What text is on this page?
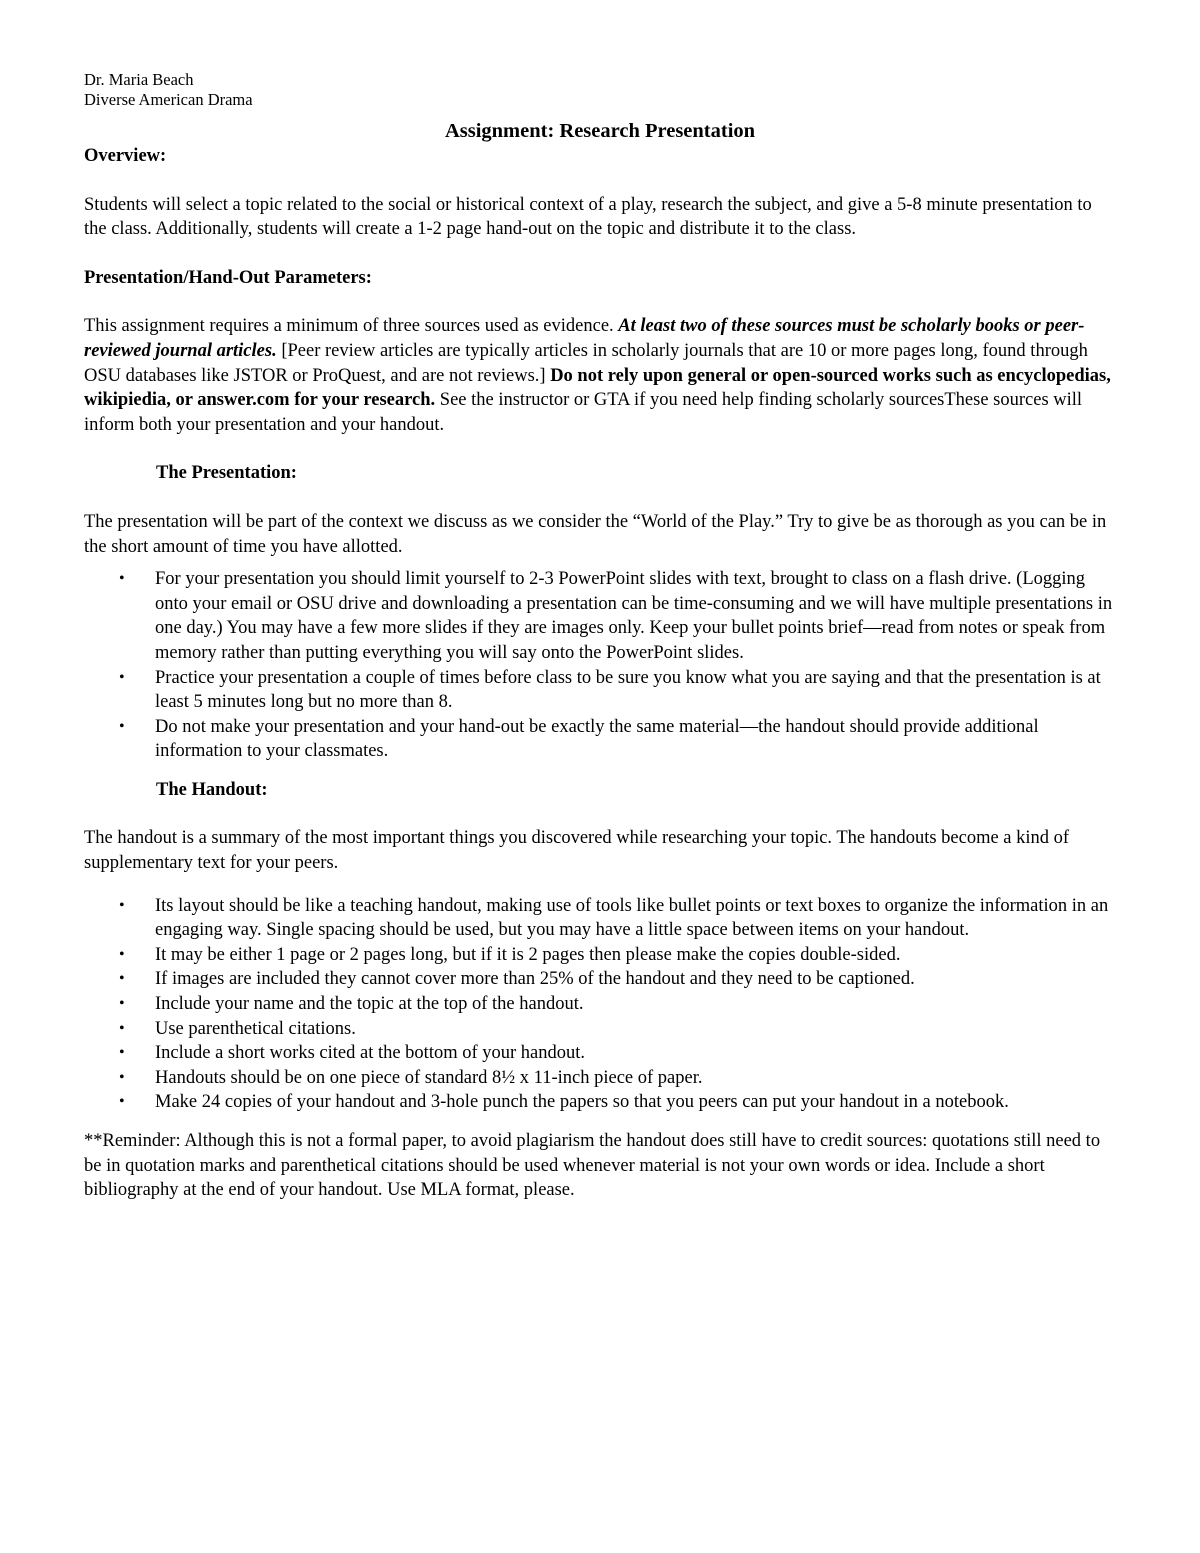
Dr. Maria Beach
Diverse American Drama
Assignment: Research Presentation

Overview:

Students will select a topic related to the social or historical context of a play, research the subject, and give a 5-8 minute presentation to the class. Additionally, students will create a 1-2 page hand-out on the topic and distribute it to the class.

Presentation/Hand-Out Parameters:

This assignment requires a minimum of three sources used as evidence. At least two of these sources must be scholarly books or peer-reviewed journal articles. [Peer review articles are typically articles in scholarly journals that are 10 or more pages long, found through OSU databases like JSTOR or ProQuest, and are not reviews.] Do not rely upon general or open-sourced works such as encyclopedias, wikipiedia, or answer.com for your research. See the instructor or GTA if you need help finding scholarly sourcesThese sources will inform both your presentation and your handout.

The Presentation:

The presentation will be part of the context we discuss as we consider the “World of the Play.” Try to give be as thorough as you can be in the short amount of time you have allotted.

• For your presentation you should limit yourself to 2-3 PowerPoint slides with text, brought to class on a flash drive. (Logging onto your email or OSU drive and downloading a presentation can be time-consuming and we will have multiple presentations in one day.) You may have a few more slides if they are images only. Keep your bullet points brief—read from notes or speak from memory rather than putting everything you will say onto the PowerPoint slides.
• Practice your presentation a couple of times before class to be sure you know what you are saying and that the presentation is at least 5 minutes long but no more than 8.
• Do not make your presentation and your hand-out be exactly the same material—the handout should provide additional information to your classmates.

The Handout:

The handout is a summary of the most important things you discovered while researching your topic. The handouts become a kind of supplementary text for your peers.

• Its layout should be like a teaching handout, making use of tools like bullet points or text boxes to organize the information in an engaging way. Single spacing should be used, but you may have a little space between items on your handout.
• It may be either 1 page or 2 pages long, but if it is 2 pages then please make the copies double-sided.
• If images are included they cannot cover more than 25% of the handout and they need to be captioned.
• Include your name and the topic at the top of the handout.
• Use parenthetical citations.
• Include a short works cited at the bottom of your handout.
• Handouts should be on one piece of standard 8½ x 11-inch piece of paper.
• Make 24 copies of your handout and 3-hole punch the papers so that you peers can put your handout in a notebook.

**Reminder: Although this is not a formal paper, to avoid plagiarism the handout does still have to credit sources: quotations still need to be in quotation marks and parenthetical citations should be used whenever material is not your own words or idea. Include a short bibliography at the end of your handout. Use MLA format, please.
